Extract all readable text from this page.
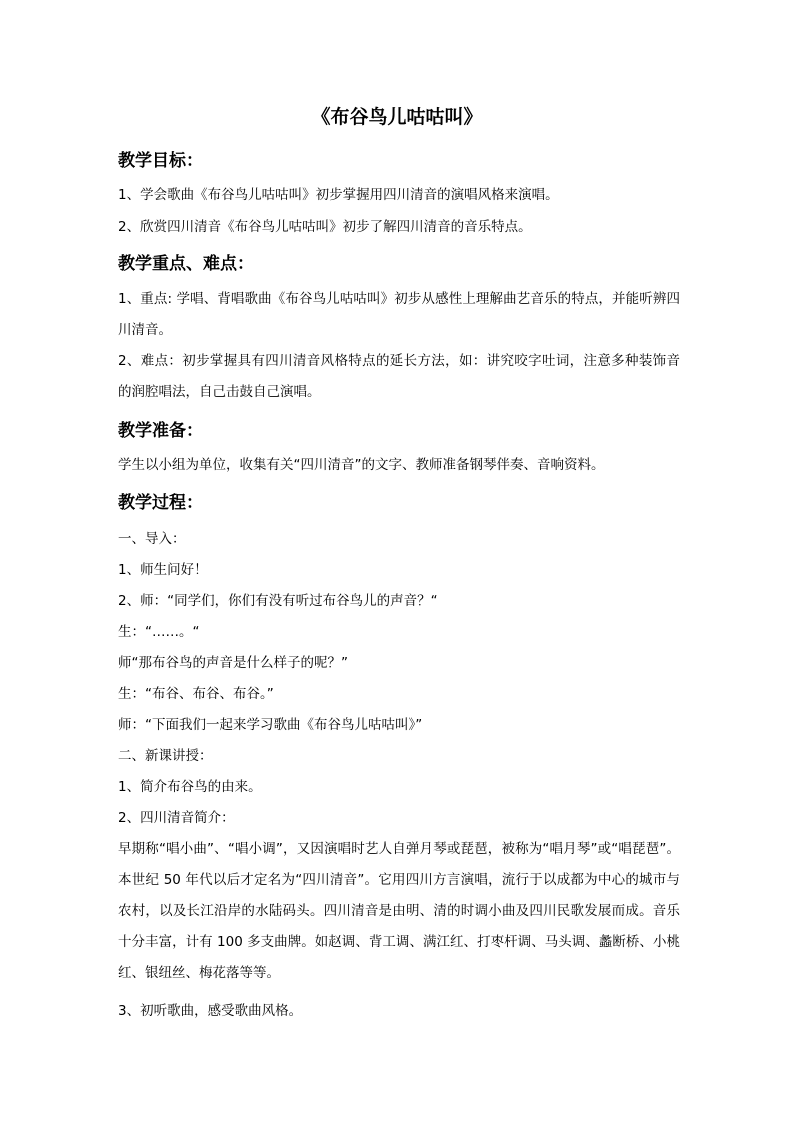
《布谷鸟儿咕咕叫》
教学目标：
1、学会歌曲《布谷鸟儿咕咕叫》初步掌握用四川清音的演唱风格来演唱。
2、欣赏四川清音《布谷鸟儿咕咕叫》初步了解四川清音的音乐特点。
教学重点、难点：
1、重点: 学唱、背唱歌曲《布谷鸟儿咕咕叫》初步从感性上理解曲艺音乐的特点，并能听辨四川清音。
2、难点：初步掌握具有四川清音风格特点的延长方法，如：讲究咬字吐词，注意多种装饰音的润腔唱法，自己击鼓自己演唱。
教学准备：
学生以小组为单位，收集有关“四川清音”的文字、教师准备钢琴伴奏、音响资料。
教学过程：
一、导入：
1、师生问好！
2、师：“同学们，你们有没有听过布谷鸟儿的声音？“
生：“……。“
师“那布谷鸟的声音是什么样子的呢？”
生：“布谷、布谷、布谷。”
师：“下面我们一起来学习歌曲《布谷鸟儿咕咕叫》”
二、新课讲授：
1、简介布谷鸟的由来。
2、四川清音简介：
早期称“唱小曲”、“唱小调”，又因演唱时艺人自弹月琴或琵琶，被称为“唱月琴”或“唱琵琶”。本世纪 50 年代以后才定名为“四川清音”。它用四川方言演唱，流行于以成都为中心的城市与农村，以及长江沿岸的水陆码头。四川清音是由明、清的时调小曲及四川民歌发展而成。音乐十分丰富，计有 100 多支曲牌。如赵调、背工调、满江红、打枣杆调、马头调、蠡断桥、小桃红、银纽丝、梅花落等等。
3、初听歌曲，感受歌曲风格。
